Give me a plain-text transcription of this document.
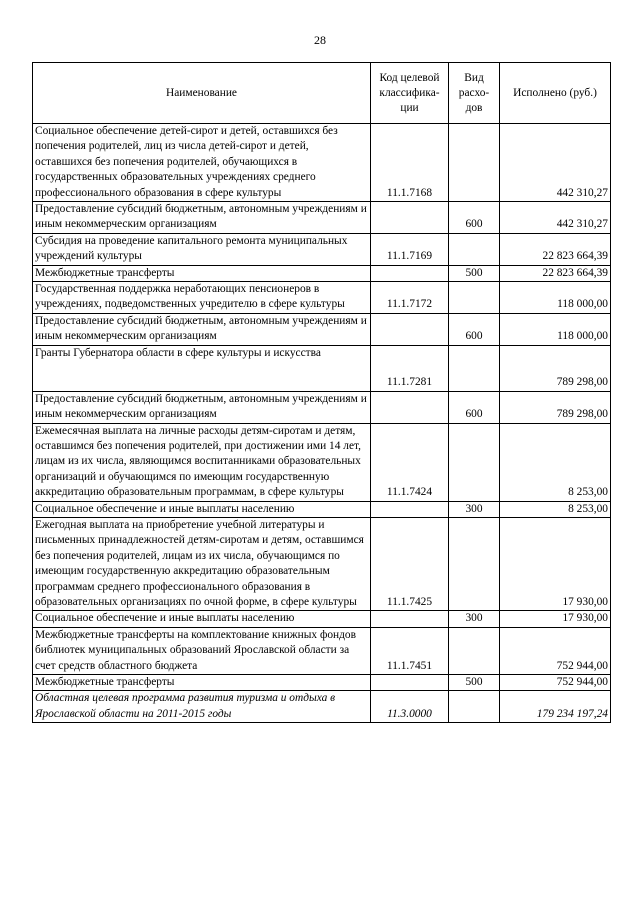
28
Наименование	Код целевой классифика-ции	Вид расхо-дов	Исполнено (руб.)
Социальное обеспечение детей-сирот и детей, оставшихся без попечения родителей, лиц из числа детей-сирот и детей, оставшихся без попечения родителей, обучающихся в государственных образовательных учреждениях среднего профессионального образования в сфере культуры	11.1.7168		442 310,27
Предоставление субсидий бюджетным, автономным учреждениям и иным некоммерческим организациям		600	442 310,27
Субсидия на проведение капитального ремонта муниципальных учреждений культуры	11.1.7169		22 823 664,39
Межбюджетные трансферты		500	22 823 664,39
Государственная поддержка неработающих пенсионеров в учреждениях, подведомственных учредителю в сфере культуры	11.1.7172		118 000,00
Предоставление субсидий бюджетным, автономным учреждениям и иным некоммерческим организациям		600	118 000,00
Гранты Губернатора области в сфере культуры и искусства	11.1.7281		789 298,00
Предоставление субсидий бюджетным, автономным учреждениям и иным некоммерческим организациям		600	789 298,00
Ежемесячная выплата на личные расходы детям-сиротам и детям, оставшимся без попечения родителей, при достижении ими 14 лет, лицам из их числа, являющимся воспитанниками образовательных организаций и обучающимся по имеющим государственную аккредитацию образовательным программам, в сфере культуры	11.1.7424		8 253,00
Социальное обеспечение и иные выплаты населению		300	8 253,00
Ежегодная выплата на приобретение учебной литературы и письменных принадлежностей детям-сиротам и детям, оставшимся без попечения родителей, лицам из их числа, обучающимся по имеющим государственную аккредитацию образовательным программам среднего профессионального образования в образовательных организациях по очной форме, в сфере культуры	11.1.7425		17 930,00
Социальное обеспечение и иные выплаты населению		300	17 930,00
Межбюджетные трансферты на комплектование книжных фондов библиотек муниципальных образований Ярославской области за счет средств областного бюджета	11.1.7451		752 944,00
Межбюджетные трансферты		500	752 944,00
Областная целевая программа развития туризма и отдыха в Ярославской области на 2011-2015 годы	11.3.0000		179 234 197,24
